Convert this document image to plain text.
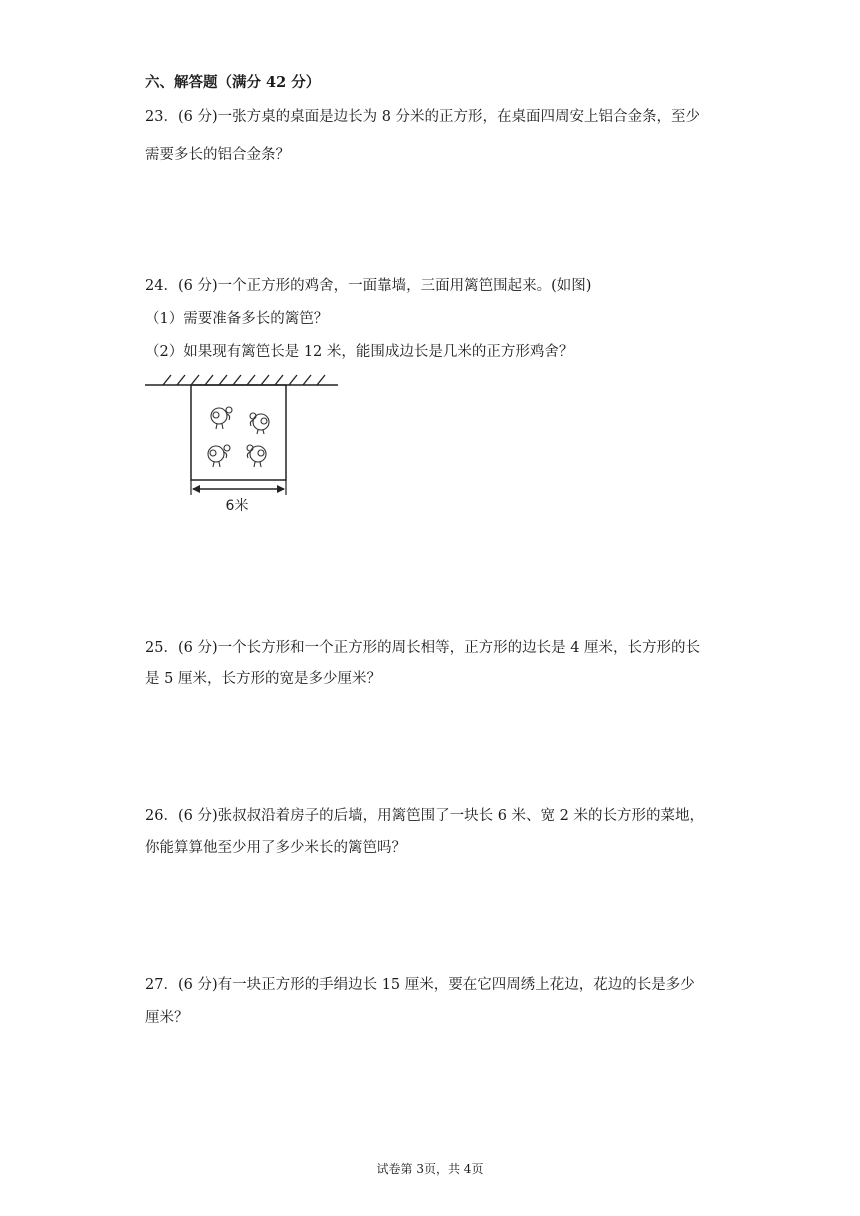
六、解答题（满分 42 分）
23．(6 分)一张方桌的桌面是边长为 8 分米的正方形，在桌面四周安上铝合金条，至少
需要多长的铝合金条？
24．(6 分)一个正方形的鸡舍，一面靠墙，三面用篱笆围起来。(如图)
（1）需要准备多长的篱笆？
（2）如果现有篱笆长是 12 米，能围成边长是几米的正方形鸡舍？
6米
25．(6 分)一个长方形和一个正方形的周长相等，正方形的边长是 4 厘米，长方形的长
是 5 厘米，长方形的宽是多少厘米？
26．(6 分)张叔叔沿着房子的后墙，用篱笆围了一块长 6 米、宽 2 米的长方形的菜地，
你能算算他至少用了多少米长的篱笆吗？
27．(6 分)有一块正方形的手绢边长 15 厘米，要在它四周绣上花边，花边的长是多少
厘米？
试卷第 3页，共 4页
